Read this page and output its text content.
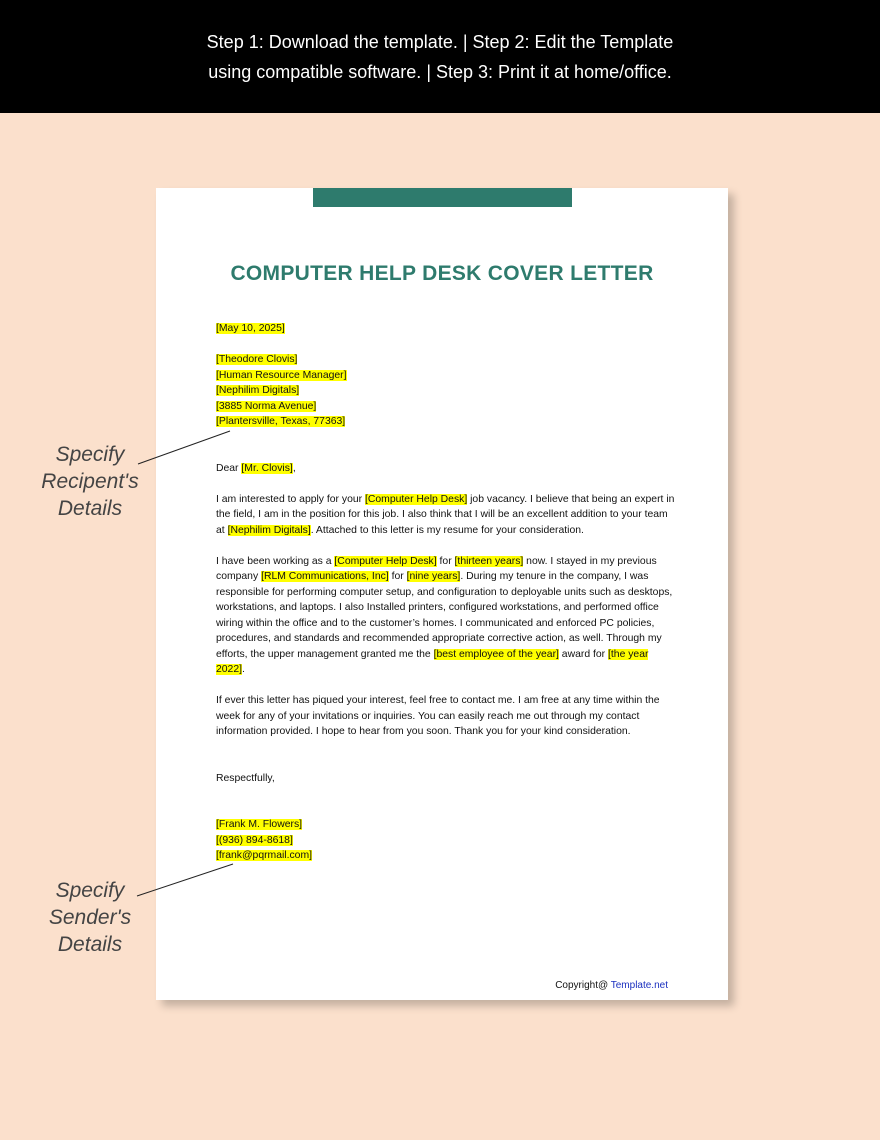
Step 1: Download the template. | Step 2: Edit the Template
using compatible software. | Step 3: Print it at home/office.
COMPUTER HELP DESK COVER LETTER
[May 10, 2025]
[Theodore Clovis]
[Human Resource Manager]
[Nephilim Digitals]
[3885 Norma Avenue]
[Plantersville, Texas, 77363]
Dear [Mr. Clovis],
I am interested to apply for your [Computer Help Desk] job vacancy. I believe that being an expert in
the field, I am in the position for this job. I also think that I will be an excellent addition to your team
at [Nephilim Digitals]. Attached to this letter is my resume for your consideration.
I have been working as a [Computer Help Desk] for [thirteen years] now. I stayed in my previous
company [RLM Communications, Inc] for [nine years]. During my tenure in the company, I was
responsible for performing computer setup, and configuration to deployable units such as desktops,
workstations, and laptops. I also Installed printers, configured workstations, and performed office
wiring within the office and to the customer’s homes. I communicated and enforced PC policies,
procedures, and standards and recommended appropriate corrective action, as well. Through my
efforts, the upper management granted me the [best employee of the year] award for [the year
2022].
If ever this letter has piqued your interest, feel free to contact me. I am free at any time within the
week for any of your invitations or inquiries. You can easily reach me out through my contact
information provided. I hope to hear from you soon. Thank you for your kind consideration.
Respectfully,
[Frank M. Flowers]
[(936) 894-8618]
[frank@pqrmail.com]
Copyright@ Template.net
Specify
Recipent's
Details
Specify
Sender's
Details
